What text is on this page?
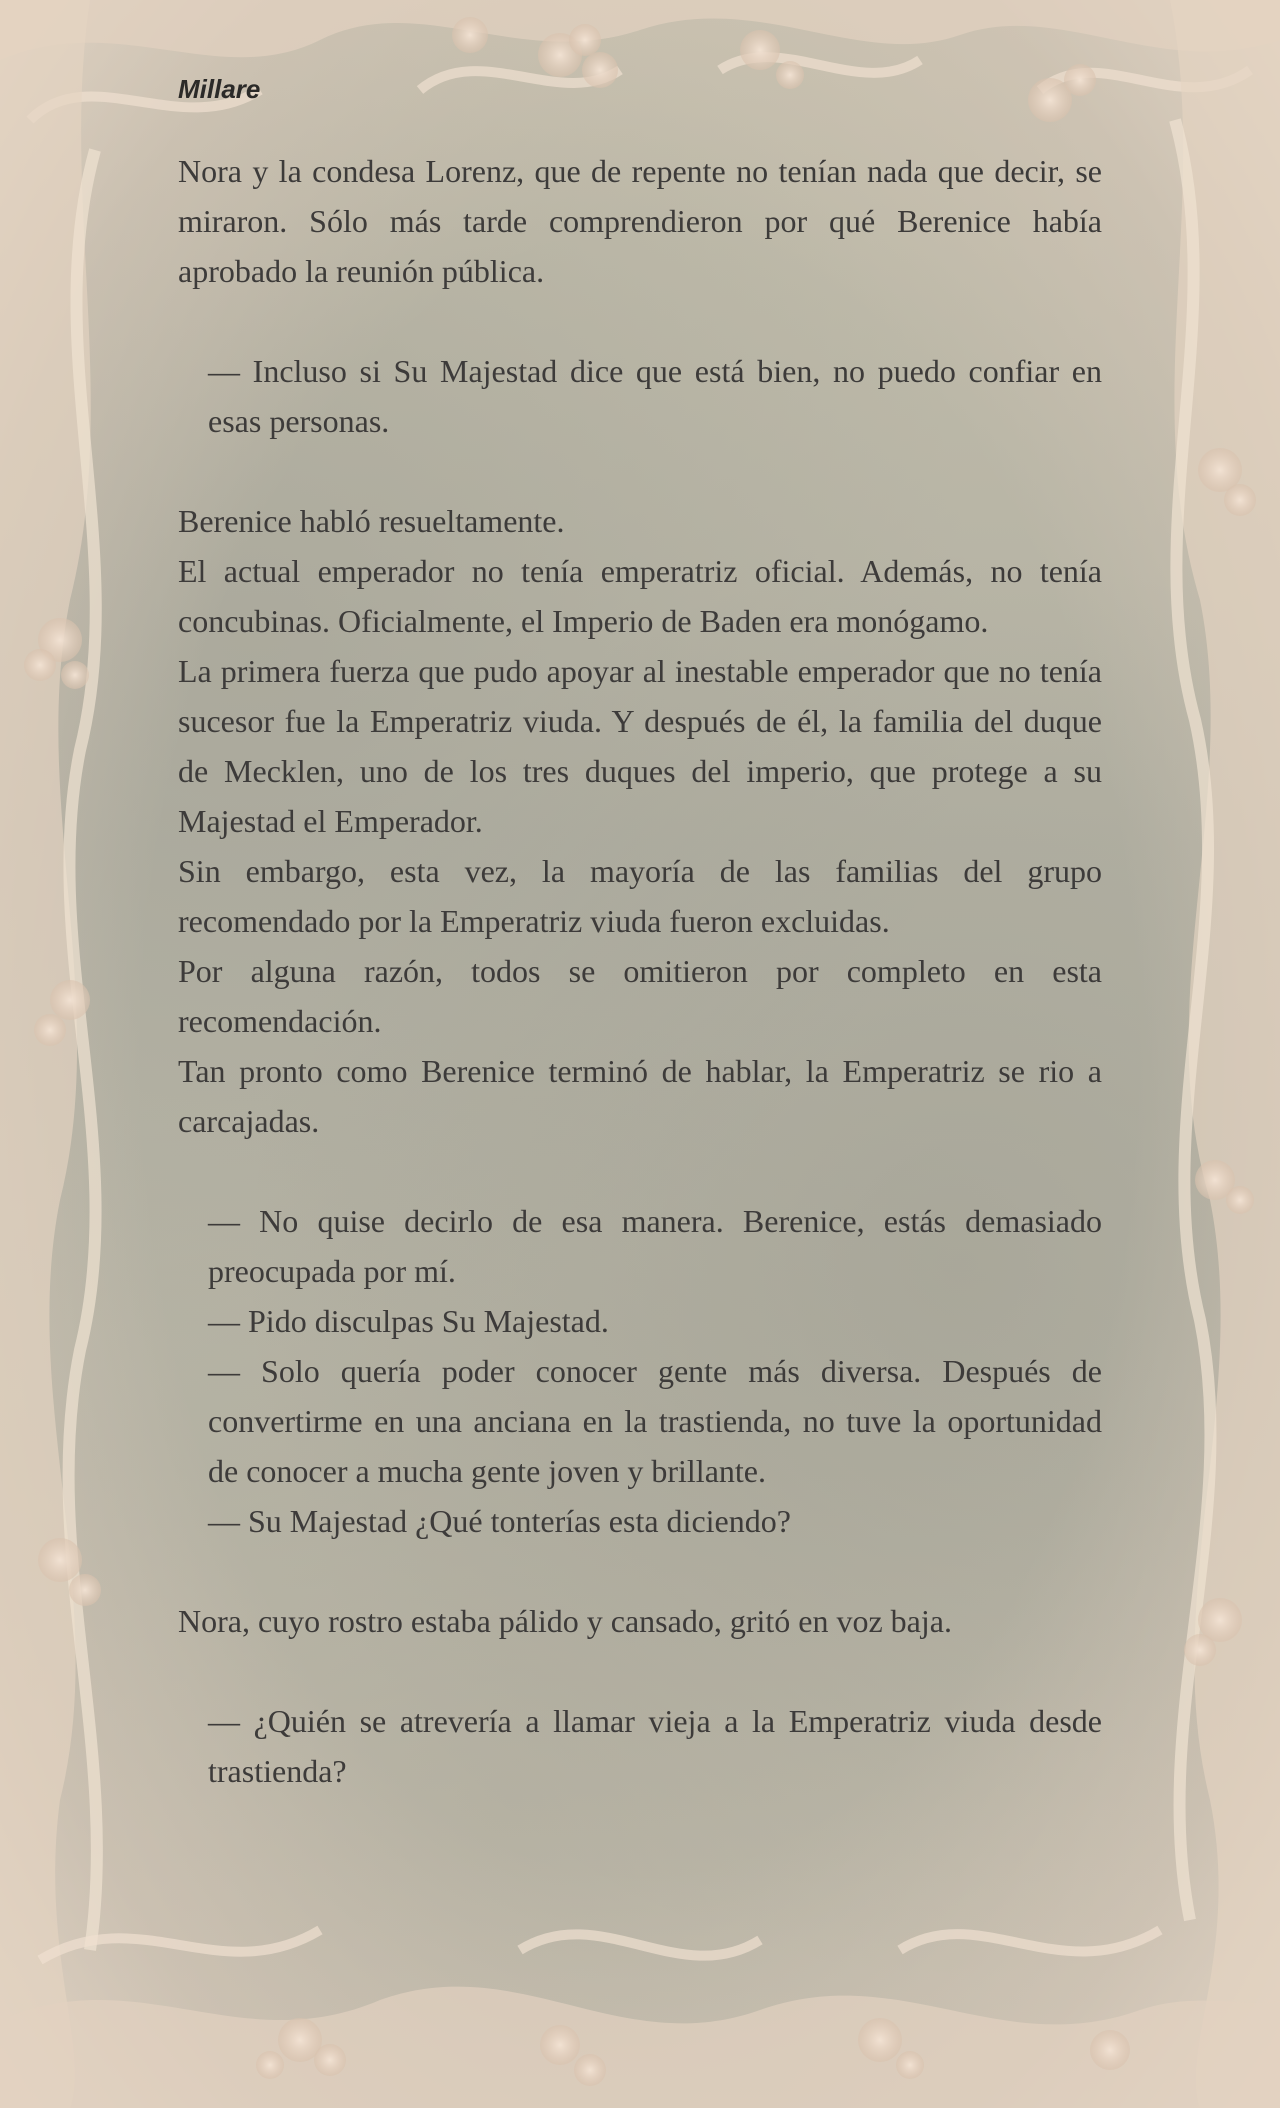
Millare

Nora y la condesa Lorenz, que de repente no tenían nada que decir, se miraron. Sólo más tarde comprendieron por qué Berenice había aprobado la reunión pública.

— Incluso si Su Majestad dice que está bien, no puedo confiar en esas personas.

Berenice habló resueltamente.

El actual emperador no tenía emperatriz oficial. Además, no tenía concubinas. Oficialmente, el Imperio de Baden era monógamo.

La primera fuerza que pudo apoyar al inestable emperador que no tenía sucesor fue la Emperatriz viuda. Y después de él, la familia del duque de Mecklen, uno de los tres duques del imperio, que protege a su Majestad el Emperador.

Sin embargo, esta vez, la mayoría de las familias del grupo recomendado por la Emperatriz viuda fueron excluidas.

Por alguna razón, todos se omitieron por completo en esta recomendación.

Tan pronto como Berenice terminó de hablar, la Emperatriz se rio a carcajadas.

— No quise decirlo de esa manera. Berenice, estás demasiado preocupada por mí.

— Pido disculpas Su Majestad.

— Solo quería poder conocer gente más diversa. Después de convertirme en una anciana en la trastienda, no tuve la oportunidad de conocer a mucha gente joven y brillante.

— Su Majestad ¿Qué tonterías esta diciendo?

Nora, cuyo rostro estaba pálido y cansado, gritó en voz baja.

— ¿Quién se atrevería a llamar vieja a la Emperatriz viuda desde trastienda?
